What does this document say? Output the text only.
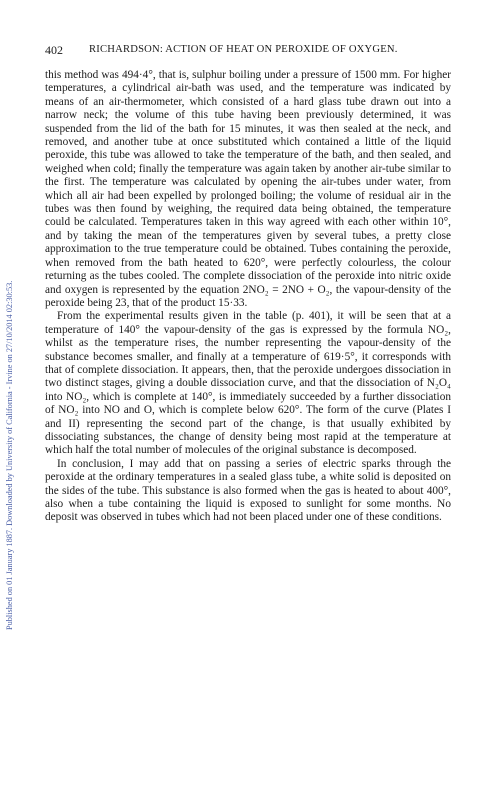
Published on 01 January 1887. Downloaded by University of California - Irvine on 27/10/2014 02:30:53.
402 RICHARDSON: ACTION OF HEAT ON PEROXIDE OF OXYGEN.

this method was 494·4°, that is, sulphur boiling under a pressure of 1500 mm. For higher temperatures, a cylindrical air-bath was used, and the temperature was indicated by means of an air-thermometer, which consisted of a hard glass tube drawn out into a narrow neck; the volume of this tube having been previously determined, it was suspended from the lid of the bath for 15 minutes, it was then sealed at the neck, and removed, and another tube at once substituted which contained a little of the liquid peroxide, this tube was allowed to take the temperature of the bath, and then sealed, and weighed when cold; finally the temperature was again taken by another air-tube similar to the first. The temperature was calculated by opening the air-tubes under water, from which all air had been expelled by prolonged boiling; the volume of residual air in the tubes was then found by weighing, the required data being obtained, the temperature could be calculated. Temperatures taken in this way agreed with each other within 10°, and by taking the mean of the temperatures given by several tubes, a pretty close approximation to the true temperature could be obtained. Tubes containing the peroxide, when removed from the bath heated to 620°, were perfectly colourless, the colour returning as the tubes cooled. The complete dissociation of the peroxide into nitric oxide and oxygen is represented by the equation 2NO₂ = 2NO + O₂, the vapour-density of the peroxide being 23, that of the product 15·33.

From the experimental results given in the table (p. 401), it will be seen that at a temperature of 140° the vapour-density of the gas is expressed by the formula NO₂, whilst as the temperature rises, the number representing the vapour-density of the substance becomes smaller, and finally at a temperature of 619·5°, it corresponds with that of complete dissociation. It appears, then, that the peroxide undergoes dissociation in two distinct stages, giving a double dissociation curve, and that the dissociation of N₂O₄ into NO₂, which is complete at 140°, is immediately succeeded by a further dissociation of NO₂ into NO and O, which is complete below 620°. The form of the curve (Plates I and II) representing the second part of the change, is that usually exhibited by dissociating substances, the change of density being most rapid at the temperature at which half the total number of molecules of the original substance is decomposed.

In conclusion, I may add that on passing a series of electric sparks through the peroxide at the ordinary temperatures in a sealed glass tube, a white solid is deposited on the sides of the tube. This substance is also formed when the gas is heated to about 400°, also when a tube containing the liquid is exposed to sunlight for some months. No deposit was observed in tubes which had not been placed under one of these conditions.
